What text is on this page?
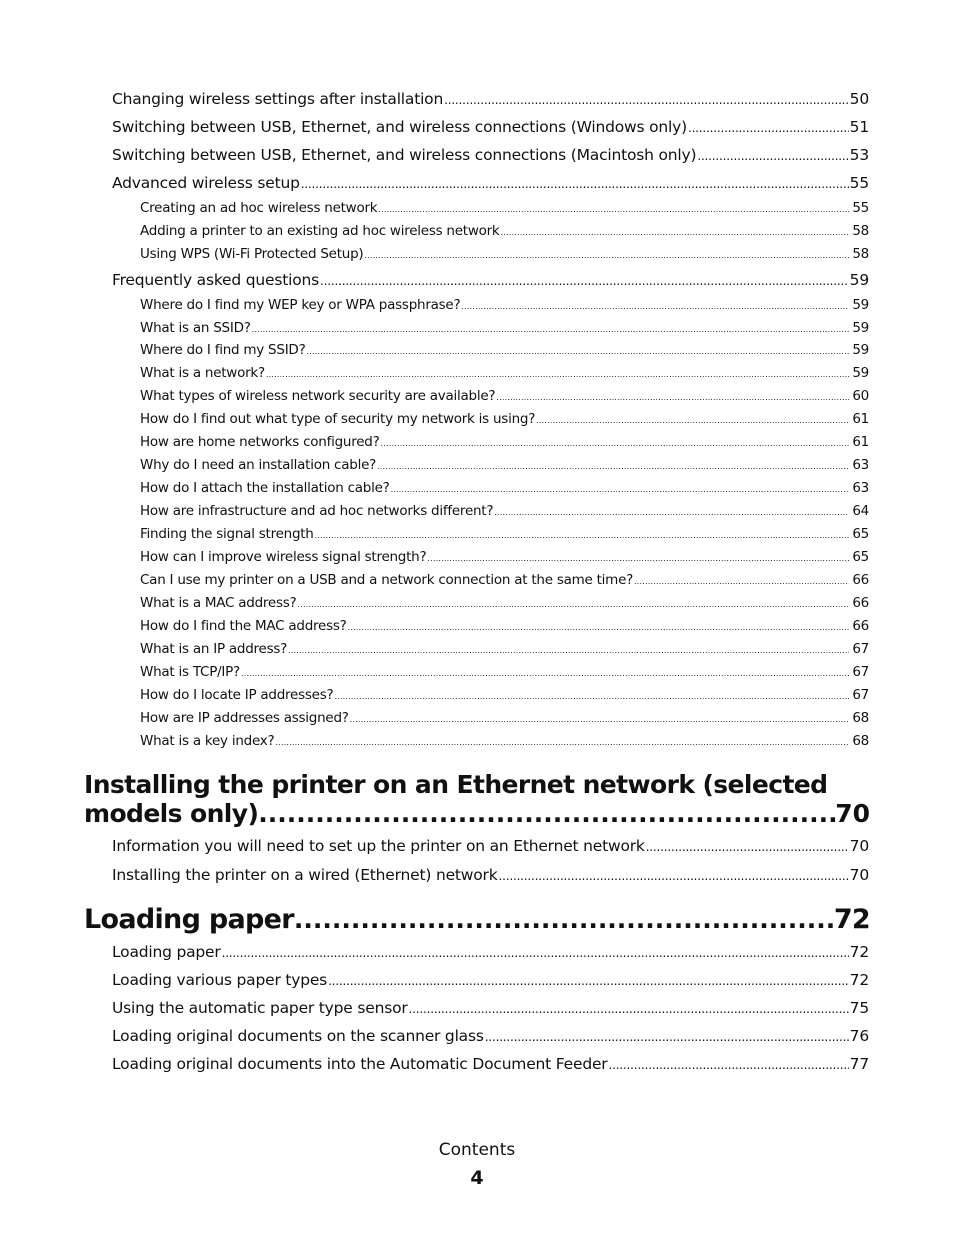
Changing wireless settings after installation .....	50
Switching between USB, Ethernet, and wireless connections (Windows only) .....	51
Switching between USB, Ethernet, and wireless connections (Macintosh only) .....	53
Advanced wireless setup .....	55
Creating an ad hoc wireless network .....	55
Adding a printer to an existing ad hoc wireless network .....	58
Using WPS (Wi-Fi Protected Setup) .....	58
Frequently asked questions .....	59
Where do I find my WEP key or WPA passphrase? .....	59
What is an SSID? .....	59
Where do I find my SSID? .....	59
What is a network? .....	59
What types of wireless network security are available? .....	60
How do I find out what type of security my network is using? .....	61
How are home networks configured? .....	61
Why do I need an installation cable? .....	63
How do I attach the installation cable? .....	63
How are infrastructure and ad hoc networks different? .....	64
Finding the signal strength .....	65
How can I improve wireless signal strength? .....	65
Can I use my printer on a USB and a network connection at the same time? .....	66
What is a MAC address? .....	66
How do I find the MAC address? .....	66
What is an IP address? .....	67
What is TCP/IP? .....	67
How do I locate IP addresses? .....	67
How are IP addresses assigned? .....	68
What is a key index? .....	68
Installing the printer on an Ethernet network (selected
models only) .....	70
Information you will need to set up the printer on an Ethernet network .....	70
Installing the printer on a wired (Ethernet) network .....	70
Loading paper .....	72
Loading paper .....	72
Loading various paper types .....	72
Using the automatic paper type sensor .....	75
Loading original documents on the scanner glass .....	76
Loading original documents into the Automatic Document Feeder .....	77
Contents
4
